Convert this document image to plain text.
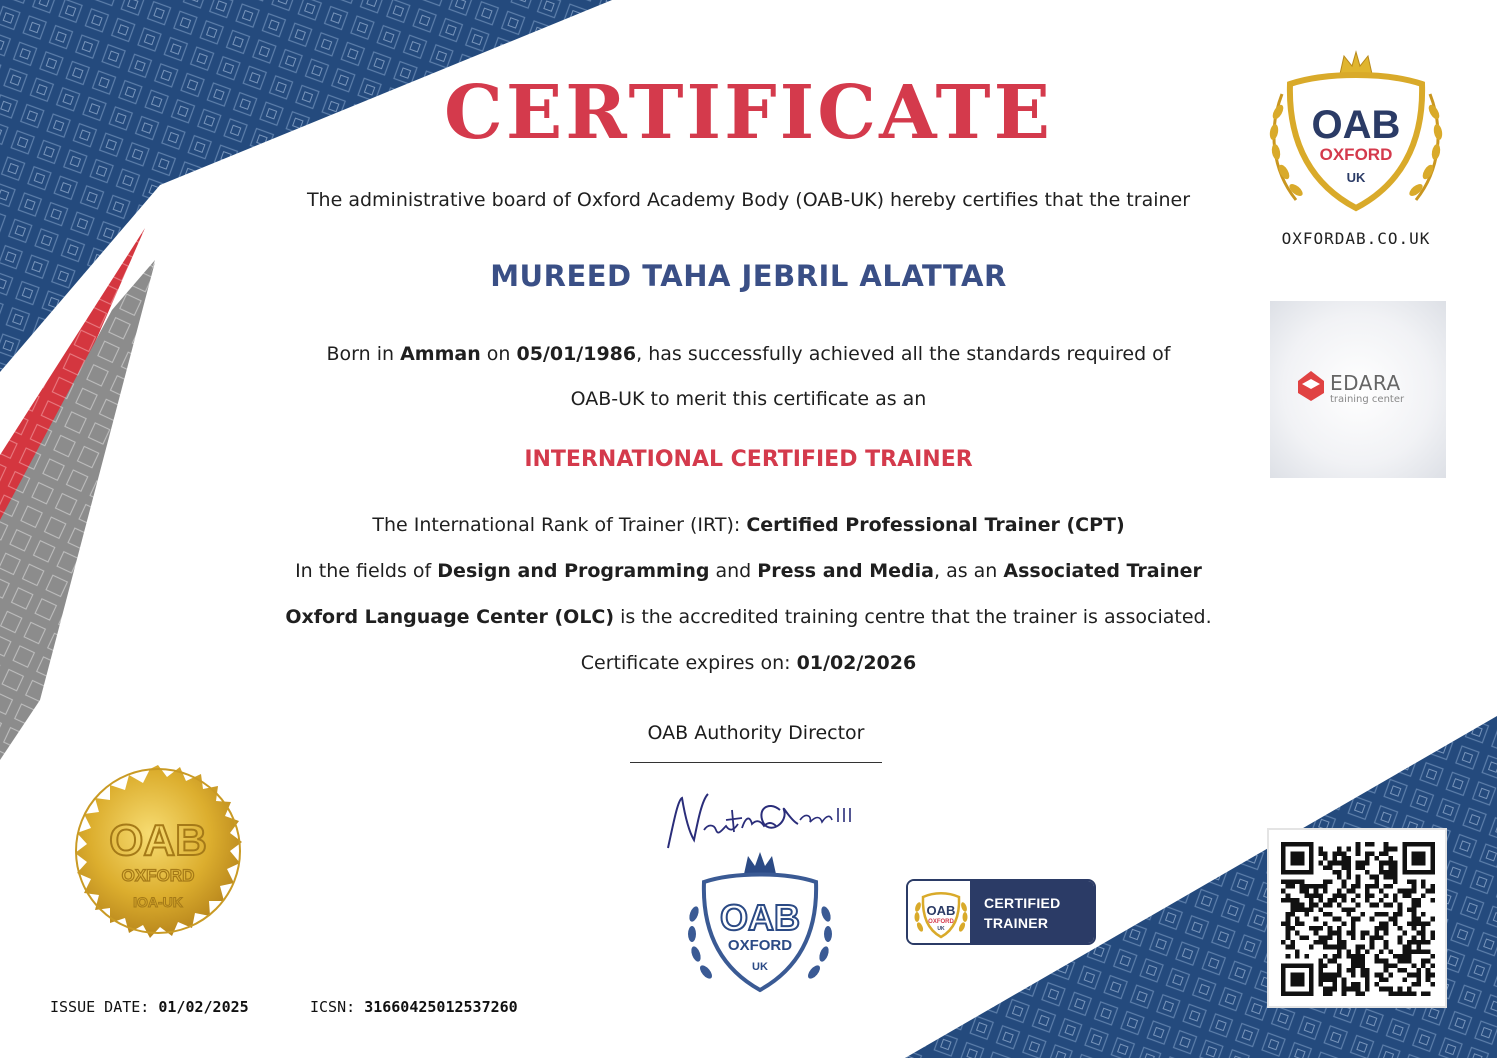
CERTIFICATE
The administrative board of Oxford Academy Body (OAB-UK) hereby certifies that the trainer
MUREED TAHA JEBRIL ALATTAR
Born in Amman on 05/01/1986, has successfully achieved all the standards required of
OAB-UK to merit this certificate as an
INTERNATIONAL CERTIFIED TRAINER
The International Rank of Trainer (IRT): Certified Professional Trainer (CPT)
In the fields of Design and Programming and Press and Media, as an Associated Trainer
Oxford Language Center (OLC) is the accredited training centre that the trainer is associated.
Certificate expires on: 01/02/2026
OAB Authority Director
OAB
OXFORD
UK
OXFORDAB.CO.UK
EDARA
training center
OAB
OXFORD
IOA-UK	OAB
OXFORD
UK
OAB
OXFORD
UK
CERTIFIED
TRAINER
ISSUE DATE: 01/02/2025	ICSN: 31660425012537260
